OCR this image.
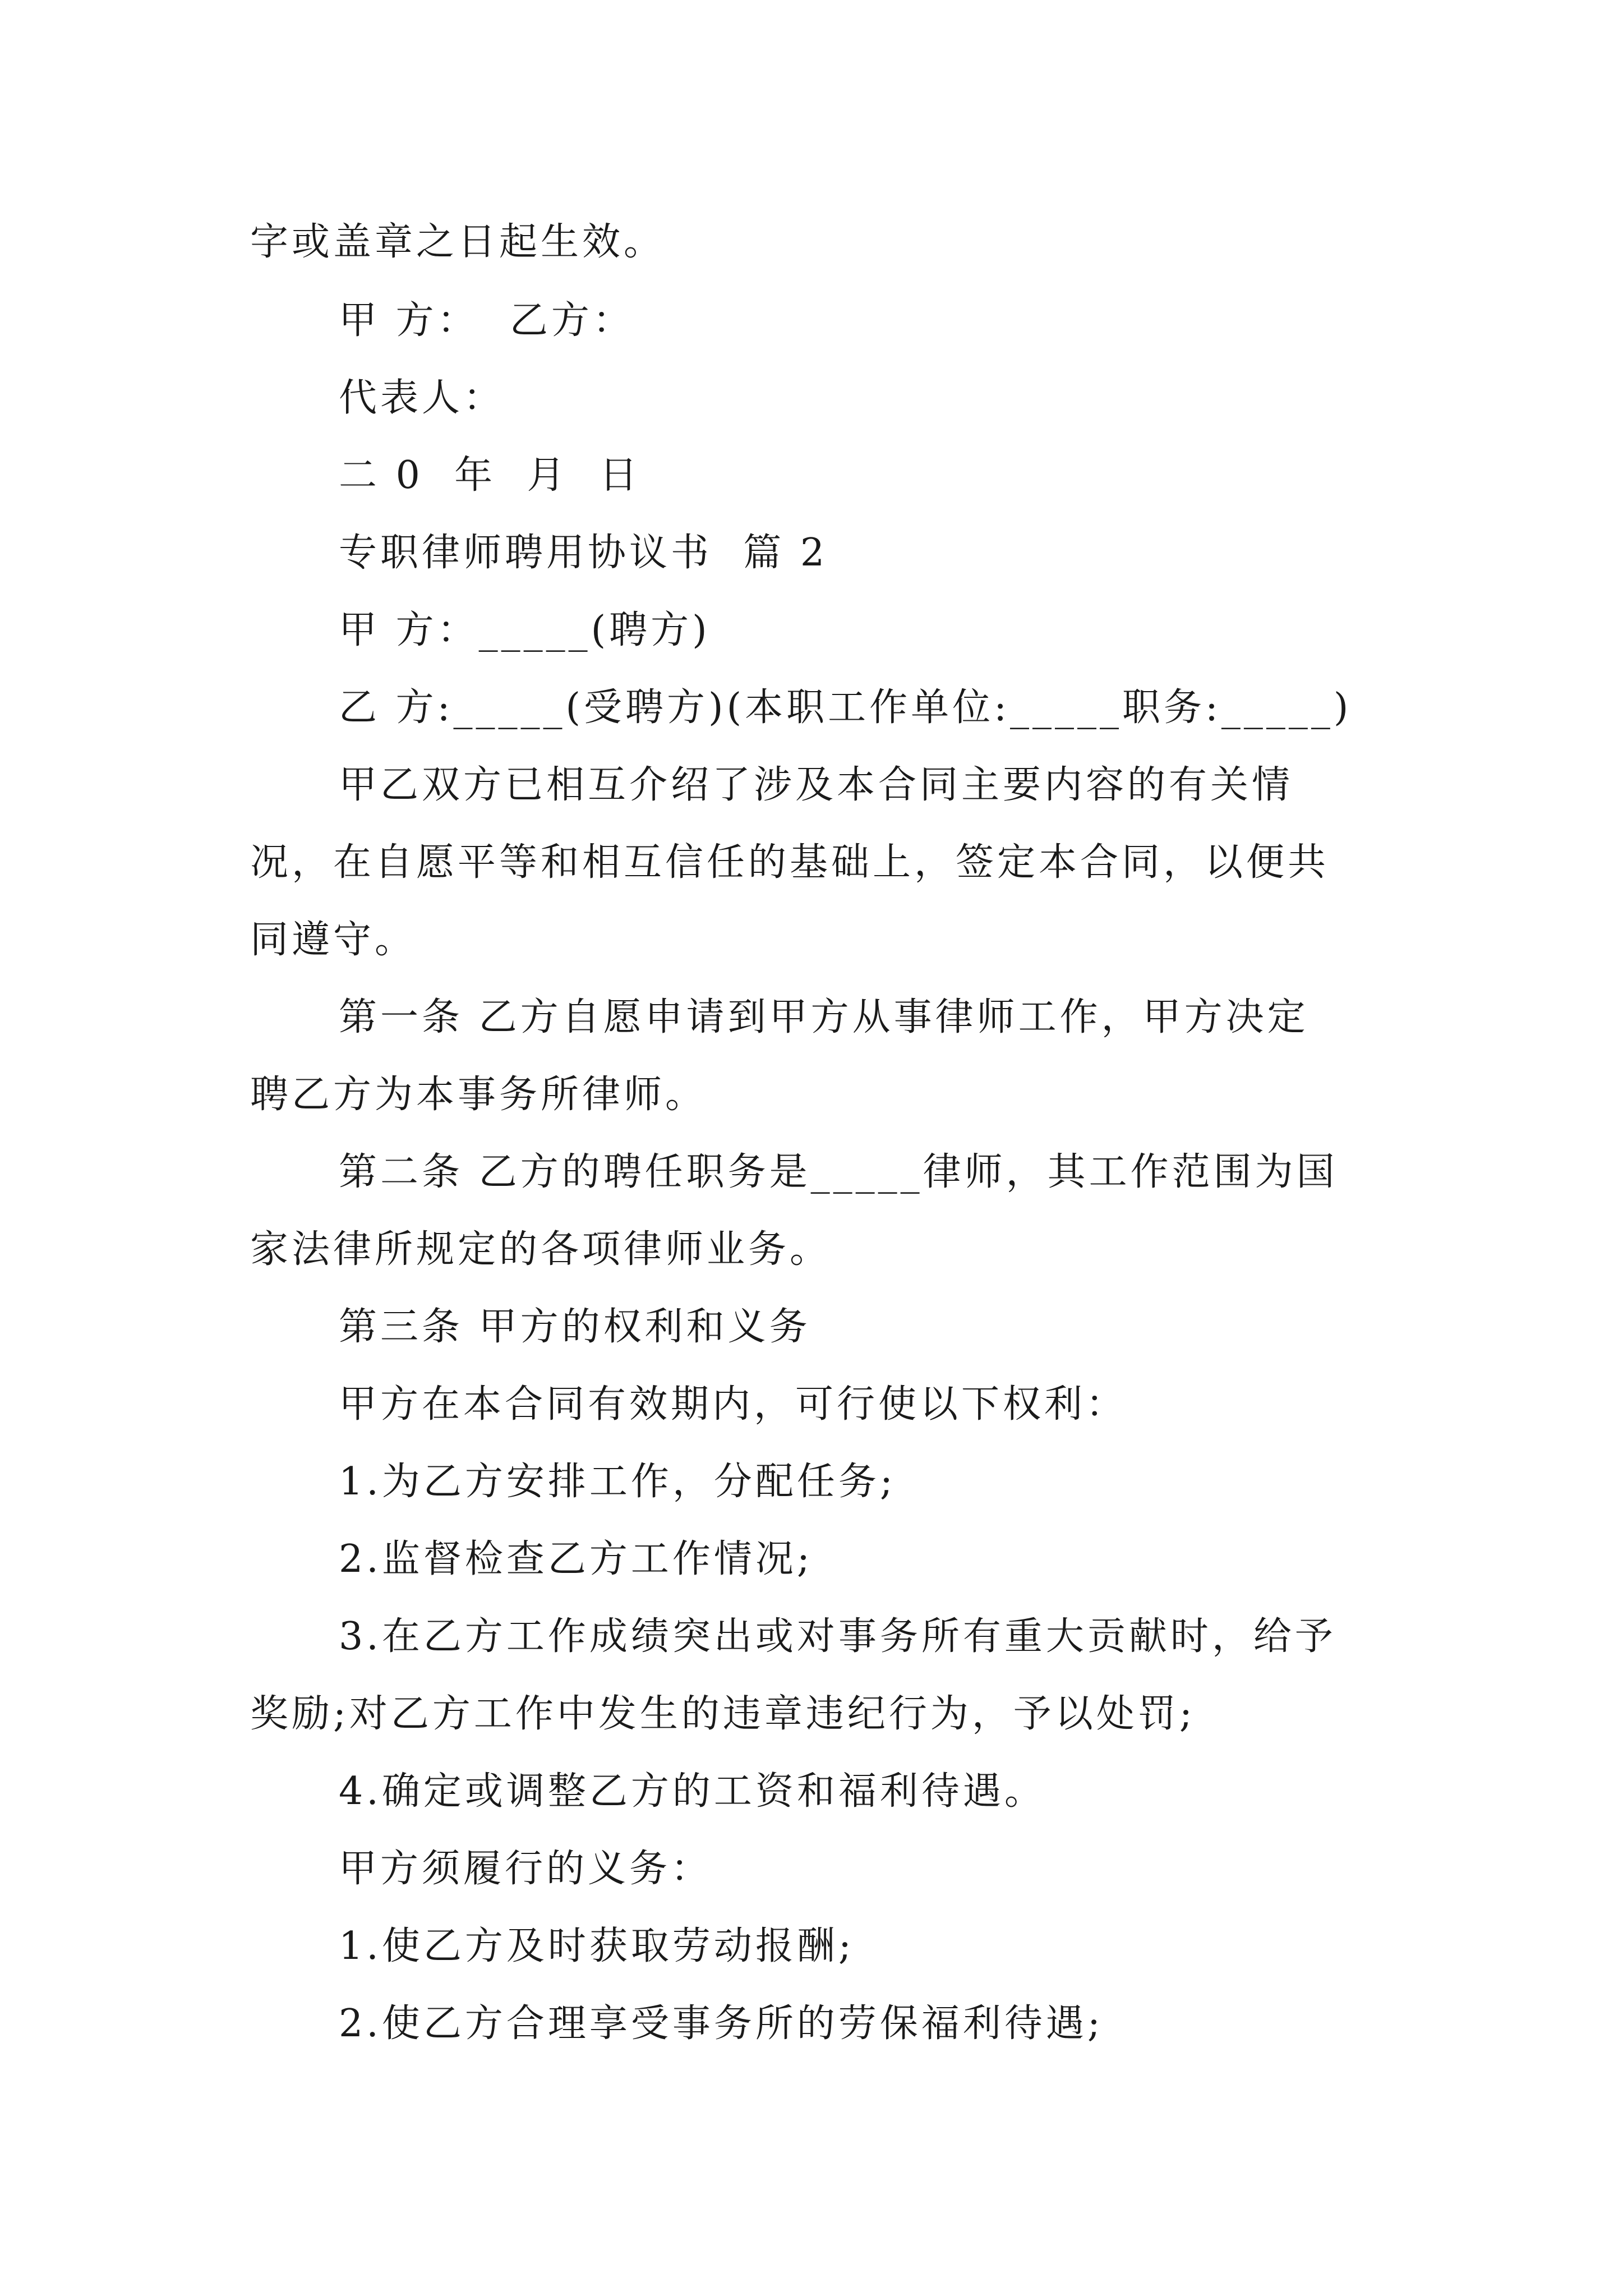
字或盖章之日起生效。
甲 方：  乙方：
代表人：
二 0  年  月  日
专职律师聘用协议书  篇 2
甲 方：_____(聘方)
乙 方:_____(受聘方)(本职工作单位:_____职务:_____)
甲乙双方已相互介绍了涉及本合同主要内容的有关情
况，在自愿平等和相互信任的基础上，签定本合同，以便共
同遵守。
第一条 乙方自愿申请到甲方从事律师工作，甲方决定
聘乙方为本事务所律师。
第二条 乙方的聘任职务是_____律师，其工作范围为国
家法律所规定的各项律师业务。
第三条 甲方的权利和义务
甲方在本合同有效期内，可行使以下权利：
1.为乙方安排工作，分配任务;
2.监督检查乙方工作情况;
3.在乙方工作成绩突出或对事务所有重大贡献时，给予
奖励;对乙方工作中发生的违章违纪行为，予以处罚;
4.确定或调整乙方的工资和福利待遇。
甲方须履行的义务：
1.使乙方及时获取劳动报酬;
2.使乙方合理享受事务所的劳保福利待遇;
